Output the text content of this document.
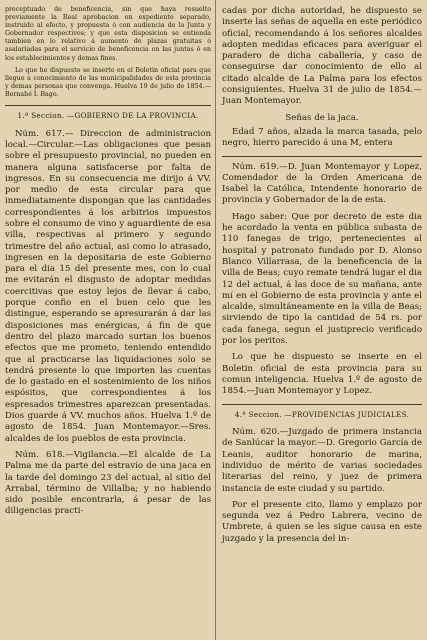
preceptuado de beneficencia, sin que haya resuelto previamente la Real aprobacion en expediente separado, instruido al efecto, y propuesta ó con audiencia de la Junta y Gobernador respectivos; y que esta disposicion se entienda tambien en lo relativo á aumento de plazas gratuitas ó asalariadas para el servicio de beneficencia en las juntas ó en los establecimientos y demas fines.
Lo que he dispuesto se inserte en el Boletin oficial para que llegue á conocimiento de las municipalidades de esta provincia y demas personas que convenga. Huelva 19 de julio de 1854.—Bernabé I. Bago.
1.ª Seccion. —GOBIERNO DE LA PROVINCIA.
Núm. 617.— Direccion de administracion local.—Circular.—Las obligaciones que pesan sobre el presupuesto provincial, no pueden en manera alguna satisfacerse por falta de ingresos. En su consecuencia me dirijo á VV. por medio de esta circular para que inmediatamente dispongan que las cantidades correspondientes á los arbitrios impuestos sobre el consumo de vino y aguardiente de esa villa, respectivas al primero y segundo trimestre del año actual, asi como lo atrasado, ingresen en la depositaria de este Gobierno para el dia 15 del presente mes, con lo cual me evitarán el disgusto de adoptar medidas coercitivas que estoy lejos de llevar á cabo, porque confio en el buen celo que les distingue, esperando se apresurarán á dar las disposiciones mas enérgicas, á fin de que dentro del plazo marcado surtan los buenos efectos que me prometo, teniendo entendido que al practicarse las liquidaciones solo se tendrá presente lo que importen las cuentas de lo gastado en el sostenimiento de los niños espósitos, que correspondientes á los espresados trimestres aparezcan presentadas. Dios guarde á VV. muchos años. Huelva 1.º de agosto de 1854. Juan Montemayor.—Sres. alcaldes de los pueblos de esta provincia.
Núm. 618.—Vigilancia.—El alcalde de La Palma me da parte del estravío de una jaca en la tarde del domingo 23 del actual, al sitio del Arrabal, término de Villalba; y no habiendo sido posible encontrarla, á pesar de las diligencias practi-
cadas por dicha autoridad, he dispuesto se inserte las señas de aquella en este periódico oficial, recomendando á los señores alcaldes adopten medidas eficaces para averiguar el paradero de dicha caballería, y caso de conseguirse dar conocimiento de ello al citado alcalde de La Palma para los efectos consiguientes. Huelva 31 de julio de 1854.—Juan Montemayor.
Señas de la jaca.
Edad 7 años, alzada la marca tasada, pelo negro, hierro parecido á una M, entera
Núm. 619.—D. Juan Montemayor y Lopez, Comendador de la Orden Americana de Isabel la Católica, Intendente honorario de provincia y Gobernador de la de esta.
Hago saber: Que por decreto de este dia he acordado la venta en pública subasta de 110 fanegas de trigo, pertenecientes al hospital y patronato fundado por D. Alonso Blanco Villarrasa, de la beneficencia de la villa de Beas; cuyo remate tendrá lugar el dia 12 del actual, á las doce de su mañana, ante mí en el Gobierno de esta provincia y ante el alcalde, simultáneamente en la villa de Beas; sirviendo de tipo la cantidad de 54 rs. por cada fanega, segun el justiprecio verificado por los peritos.
Lo que he dispuesto se inserte en el Boletin oficial de esta provincia para su comun inteligencia. Huelva 1.º de agosto de 1854.—Juan Montemayor y Lopez.
4.ª Seccion. —PROVIDENCIAS JUDICIALES.
Núm. 620.—Juzgado de primera instancia de Sanlúcar la mayor.—D. Gregorio García de Leanis, auditor honorario de marina, individuo de mérito de varias sociedades literarias del reino, y juez de primera instancia de este ciudad y su partido.
Por el presente cito, llamo y emplazo por segunda vez á Pedro Labrera, vecino de Umbrete, á quien se les sigue causa en este juzgado y la presencia del in-
